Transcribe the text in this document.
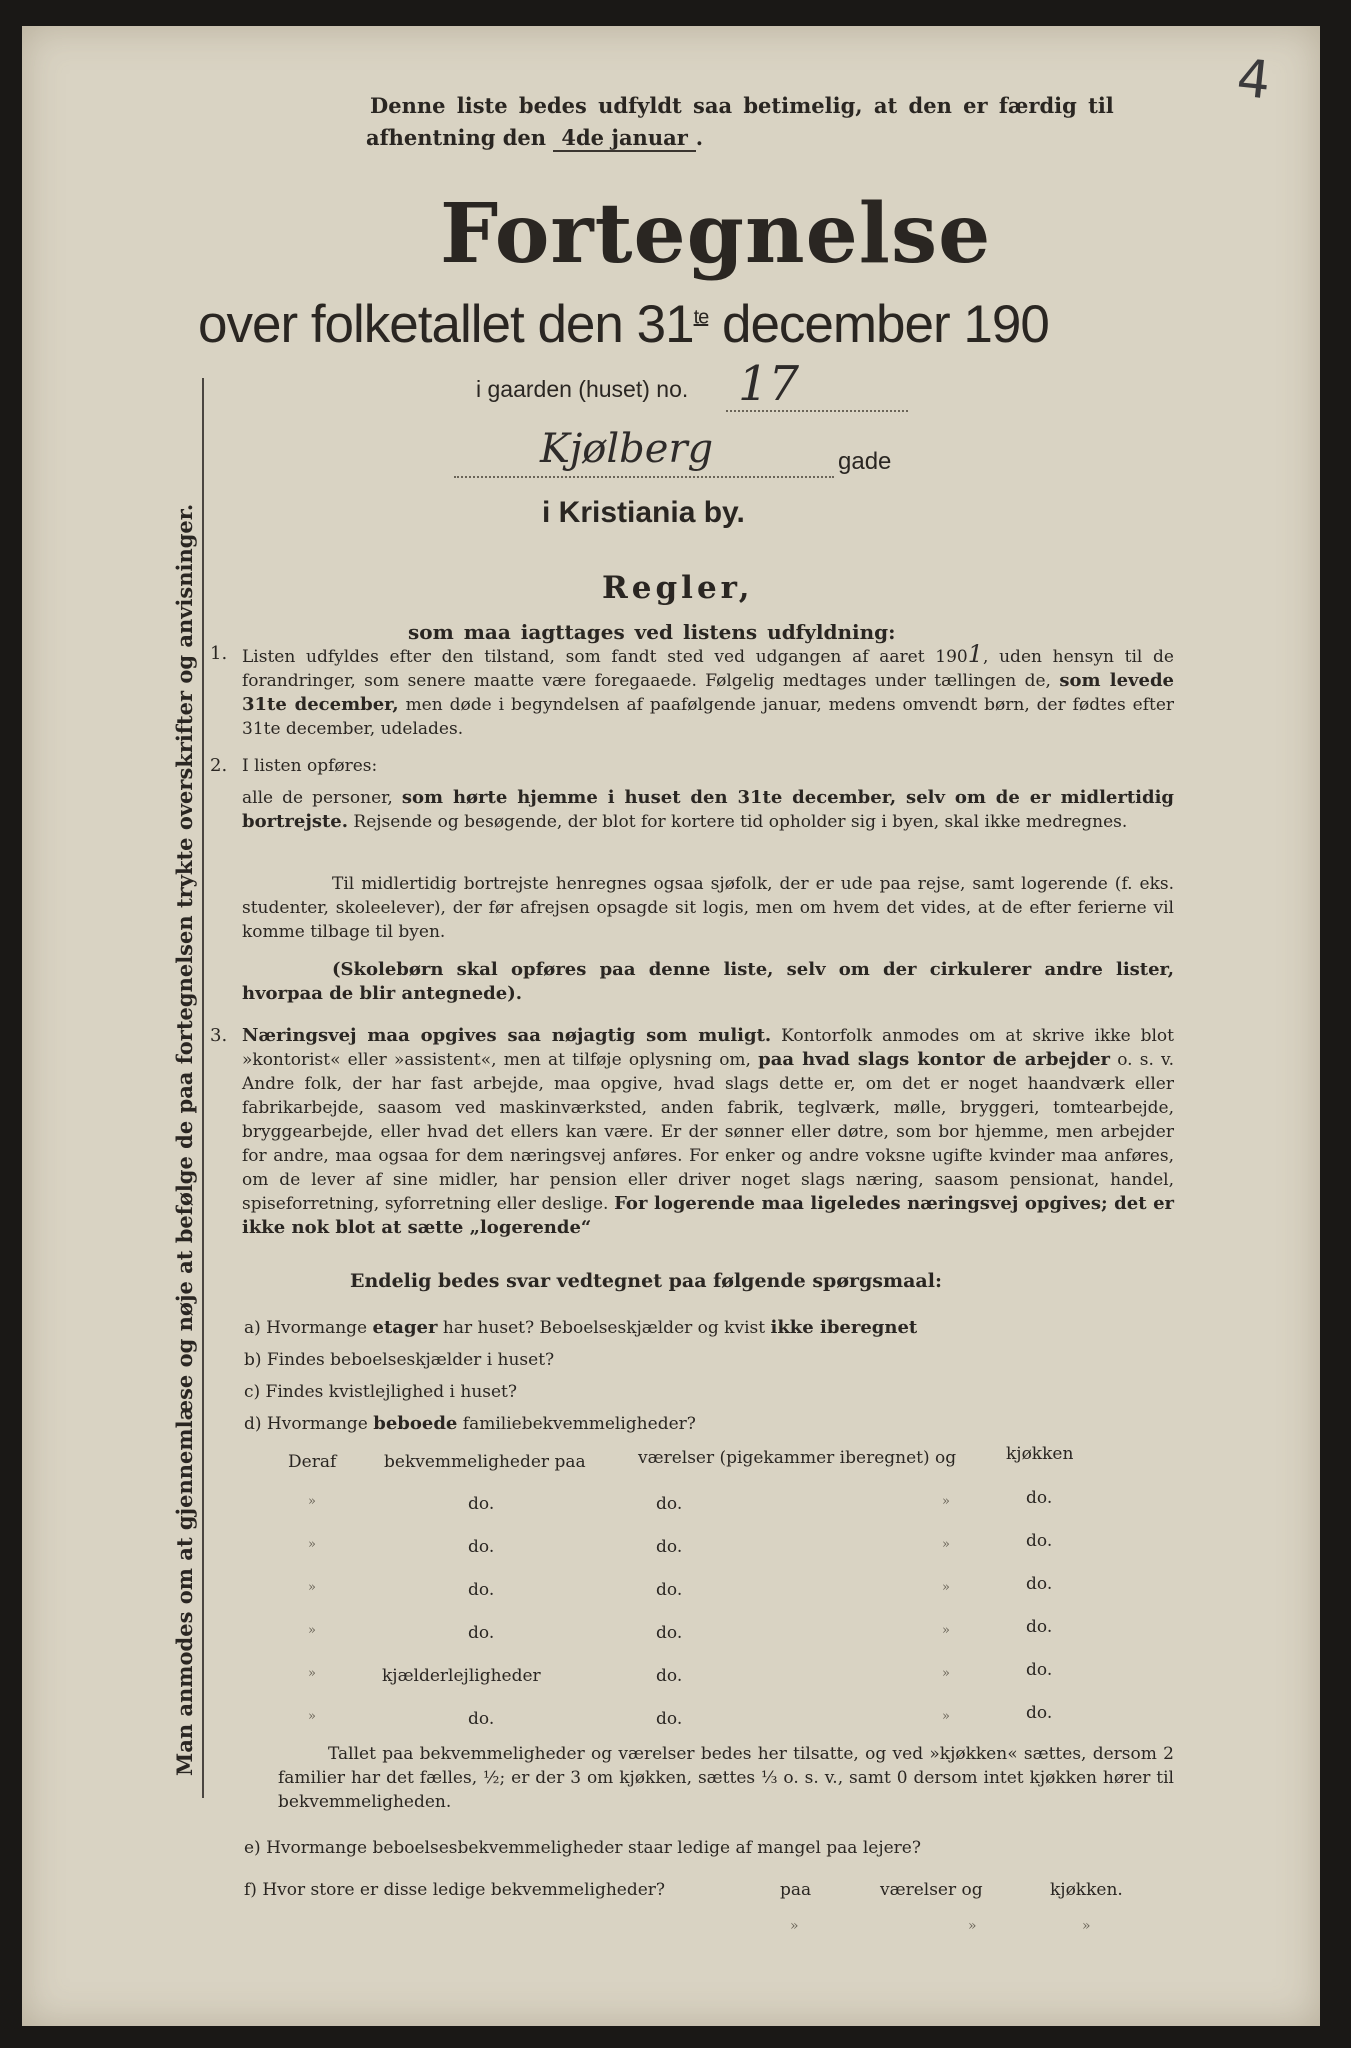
4
Man anmodes om at gjennemlæse og nøje at befølge de paa fortegnelsen trykte overskrifter og anvisninger.
Denne liste bedes udfyldt saa betimelig, at den er færdig til
afhentning den 4de januar .
Fortegnelse
over folketallet den $31^{te}$ december 190
i gaarden (huset) no. 17
Kjølberg	gade
i Kristiania by.
Regler,
som maa iagttages ved listens udfyldning:
1. Listen udfyldes efter den tilstand, som fandt sted ved udgangen af aaret 1901, uden hensyn til de forandringer, som senere maatte være foregaaede. Følgelig medtages under tællingen de, som levede 31te december, men døde i begyndelsen af paafølgende januar, medens omvendt børn, der fødtes efter 31te december, udelades.
2. I listen opføres:
alle de personer, som hørte hjemme i huset den 31te december, selv om de er midlertidig bortrejste. Rejsende og besøgende, der blot for kortere tid opholder sig i byen, skal ikke medregnes.
Til midlertidig bortrejste henregnes ogsaa sjøfolk, der er ude paa rejse, samt logerende (f. eks. studenter, skoleelever), der før afrejsen opsagde sit logis, men om hvem det vides, at de efter ferierne vil komme tilbage til byen.
(Skolebørn skal opføres paa denne liste, selv om der cirkulerer andre lister, hvorpaa de blir antegnede).
3. Næringsvej maa opgives saa nøjagtig som muligt. Kontorfolk anmodes om at skrive ikke blot »kontorist« eller »assistent«, men at tilføje oplysning om, paa hvad slags kontor de arbejder o. s. v. Andre folk, der har fast arbejde, maa opgive, hvad slags dette er, om det er noget haandværk eller fabrikarbejde, saasom ved maskinværksted, anden fabrik, teglværk, mølle, bryggeri, tomtearbejde, bryggearbejde, eller hvad det ellers kan være. Er der sønner eller døtre, som bor hjemme, men arbejder for andre, maa ogsaa for dem næringsvej anføres. For enker og andre voksne ugifte kvinder maa anføres, om de lever af sine midler, har pension eller driver noget slags næring, saasom pensionat, handel, spiseforretning, syforretning eller deslige. For logerende maa ligeledes næringsvej opgives; det er ikke nok blot at sætte „logerende“
Endelig bedes svar vedtegnet paa følgende spørgsmaal:
a) Hvormange etager har huset? Beboelseskjælder og kvist ikke iberegnet
b) Findes beboelseskjælder i huset?
c) Findes kvistlejlighed i huset?
d) Hvormange beboede familiebekvemmeligheder?
Deraf	bekvemmeligheder paa	værelser (pigekammer iberegnet) og	kjøkken
»	do.	do.	»	do.
»	do.	do.	»	do.
»	do.	do.	»	do.
»	do.	do.	»	do.
»	kjælderlejligheder	do.	»	do.
»	do.	do.	»	do.
Tallet paa bekvemmeligheder og værelser bedes her tilsatte, og ved »kjøkken« sættes, dersom 2 familier har det fælles, ½; er der 3 om kjøkken, sættes ⅓ o. s. v., samt 0 dersom intet kjøkken hører til bekvemmeligheden.
e) Hvormange beboelsesbekvemmeligheder staar ledige af mangel paa lejere?
f) Hvor store er disse ledige bekvemmeligheder?	paa	værelser og	kjøkken.
»	»	»
